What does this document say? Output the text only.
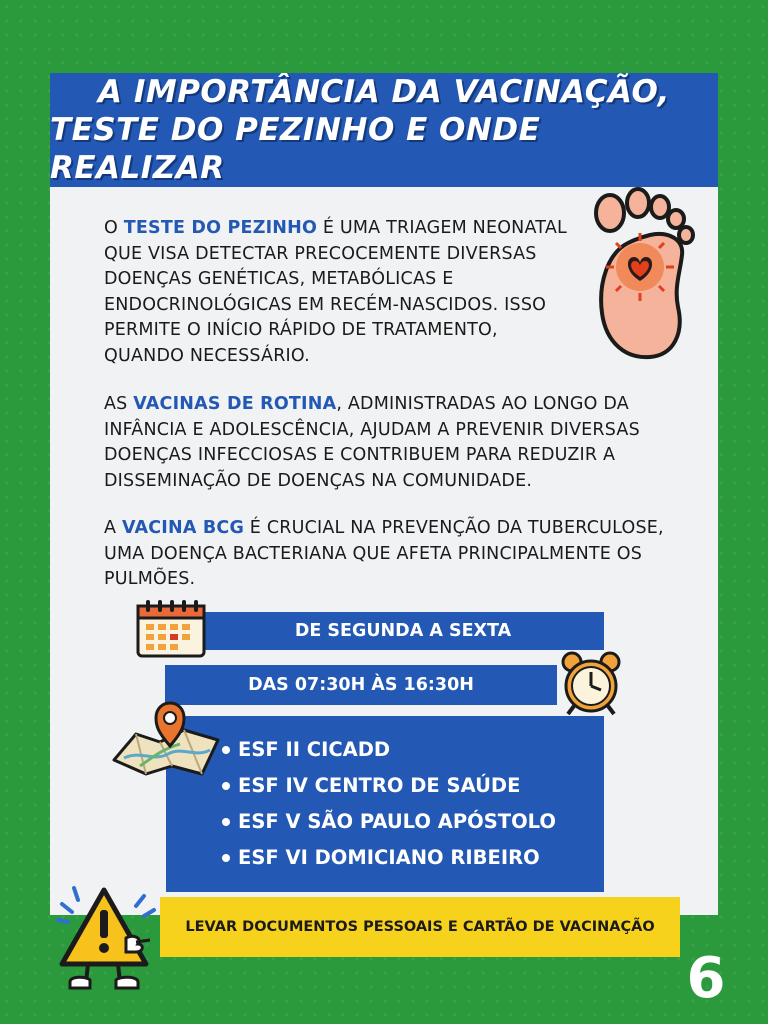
A IMPORTÂNCIA DA VACINAÇÃO,
TESTE DO PEZINHO E ONDE REALIZAR

O TESTE DO PEZINHO É UMA TRIAGEM NEONATAL QUE VISA DETECTAR PRECOCEMENTE DIVERSAS DOENÇAS GENÉTICAS, METABÓLICAS E ENDOCRINOLÓGICAS EM RECÉM-NASCIDOS. ISSO PERMITE O INÍCIO RÁPIDO DE TRATAMENTO, QUANDO NECESSÁRIO.

AS VACINAS DE ROTINA, ADMINISTRADAS AO LONGO DA INFÂNCIA E ADOLESCÊNCIA, AJUDAM A PREVENIR DIVERSAS DOENÇAS INFECCIOSAS E CONTRIBUEM PARA REDUZIR A DISSEMINAÇÃO DE DOENÇAS NA COMUNIDADE.

A VACINA BCG É CRUCIAL NA PREVENÇÃO DA TUBERCULOSE, UMA DOENÇA BACTERIANA QUE AFETA PRINCIPALMENTE OS PULMÕES.

DE SEGUNDA A SEXTA
DAS 07:30H ÀS 16:30H
ESF II CICADD
ESF IV CENTRO DE SAÚDE
ESF V SÃO PAULO APÓSTOLO
ESF VI DOMICIANO RIBEIRO
LEVAR DOCUMENTOS PESSOAIS E CARTÃO DE VACINAÇÃO
6
